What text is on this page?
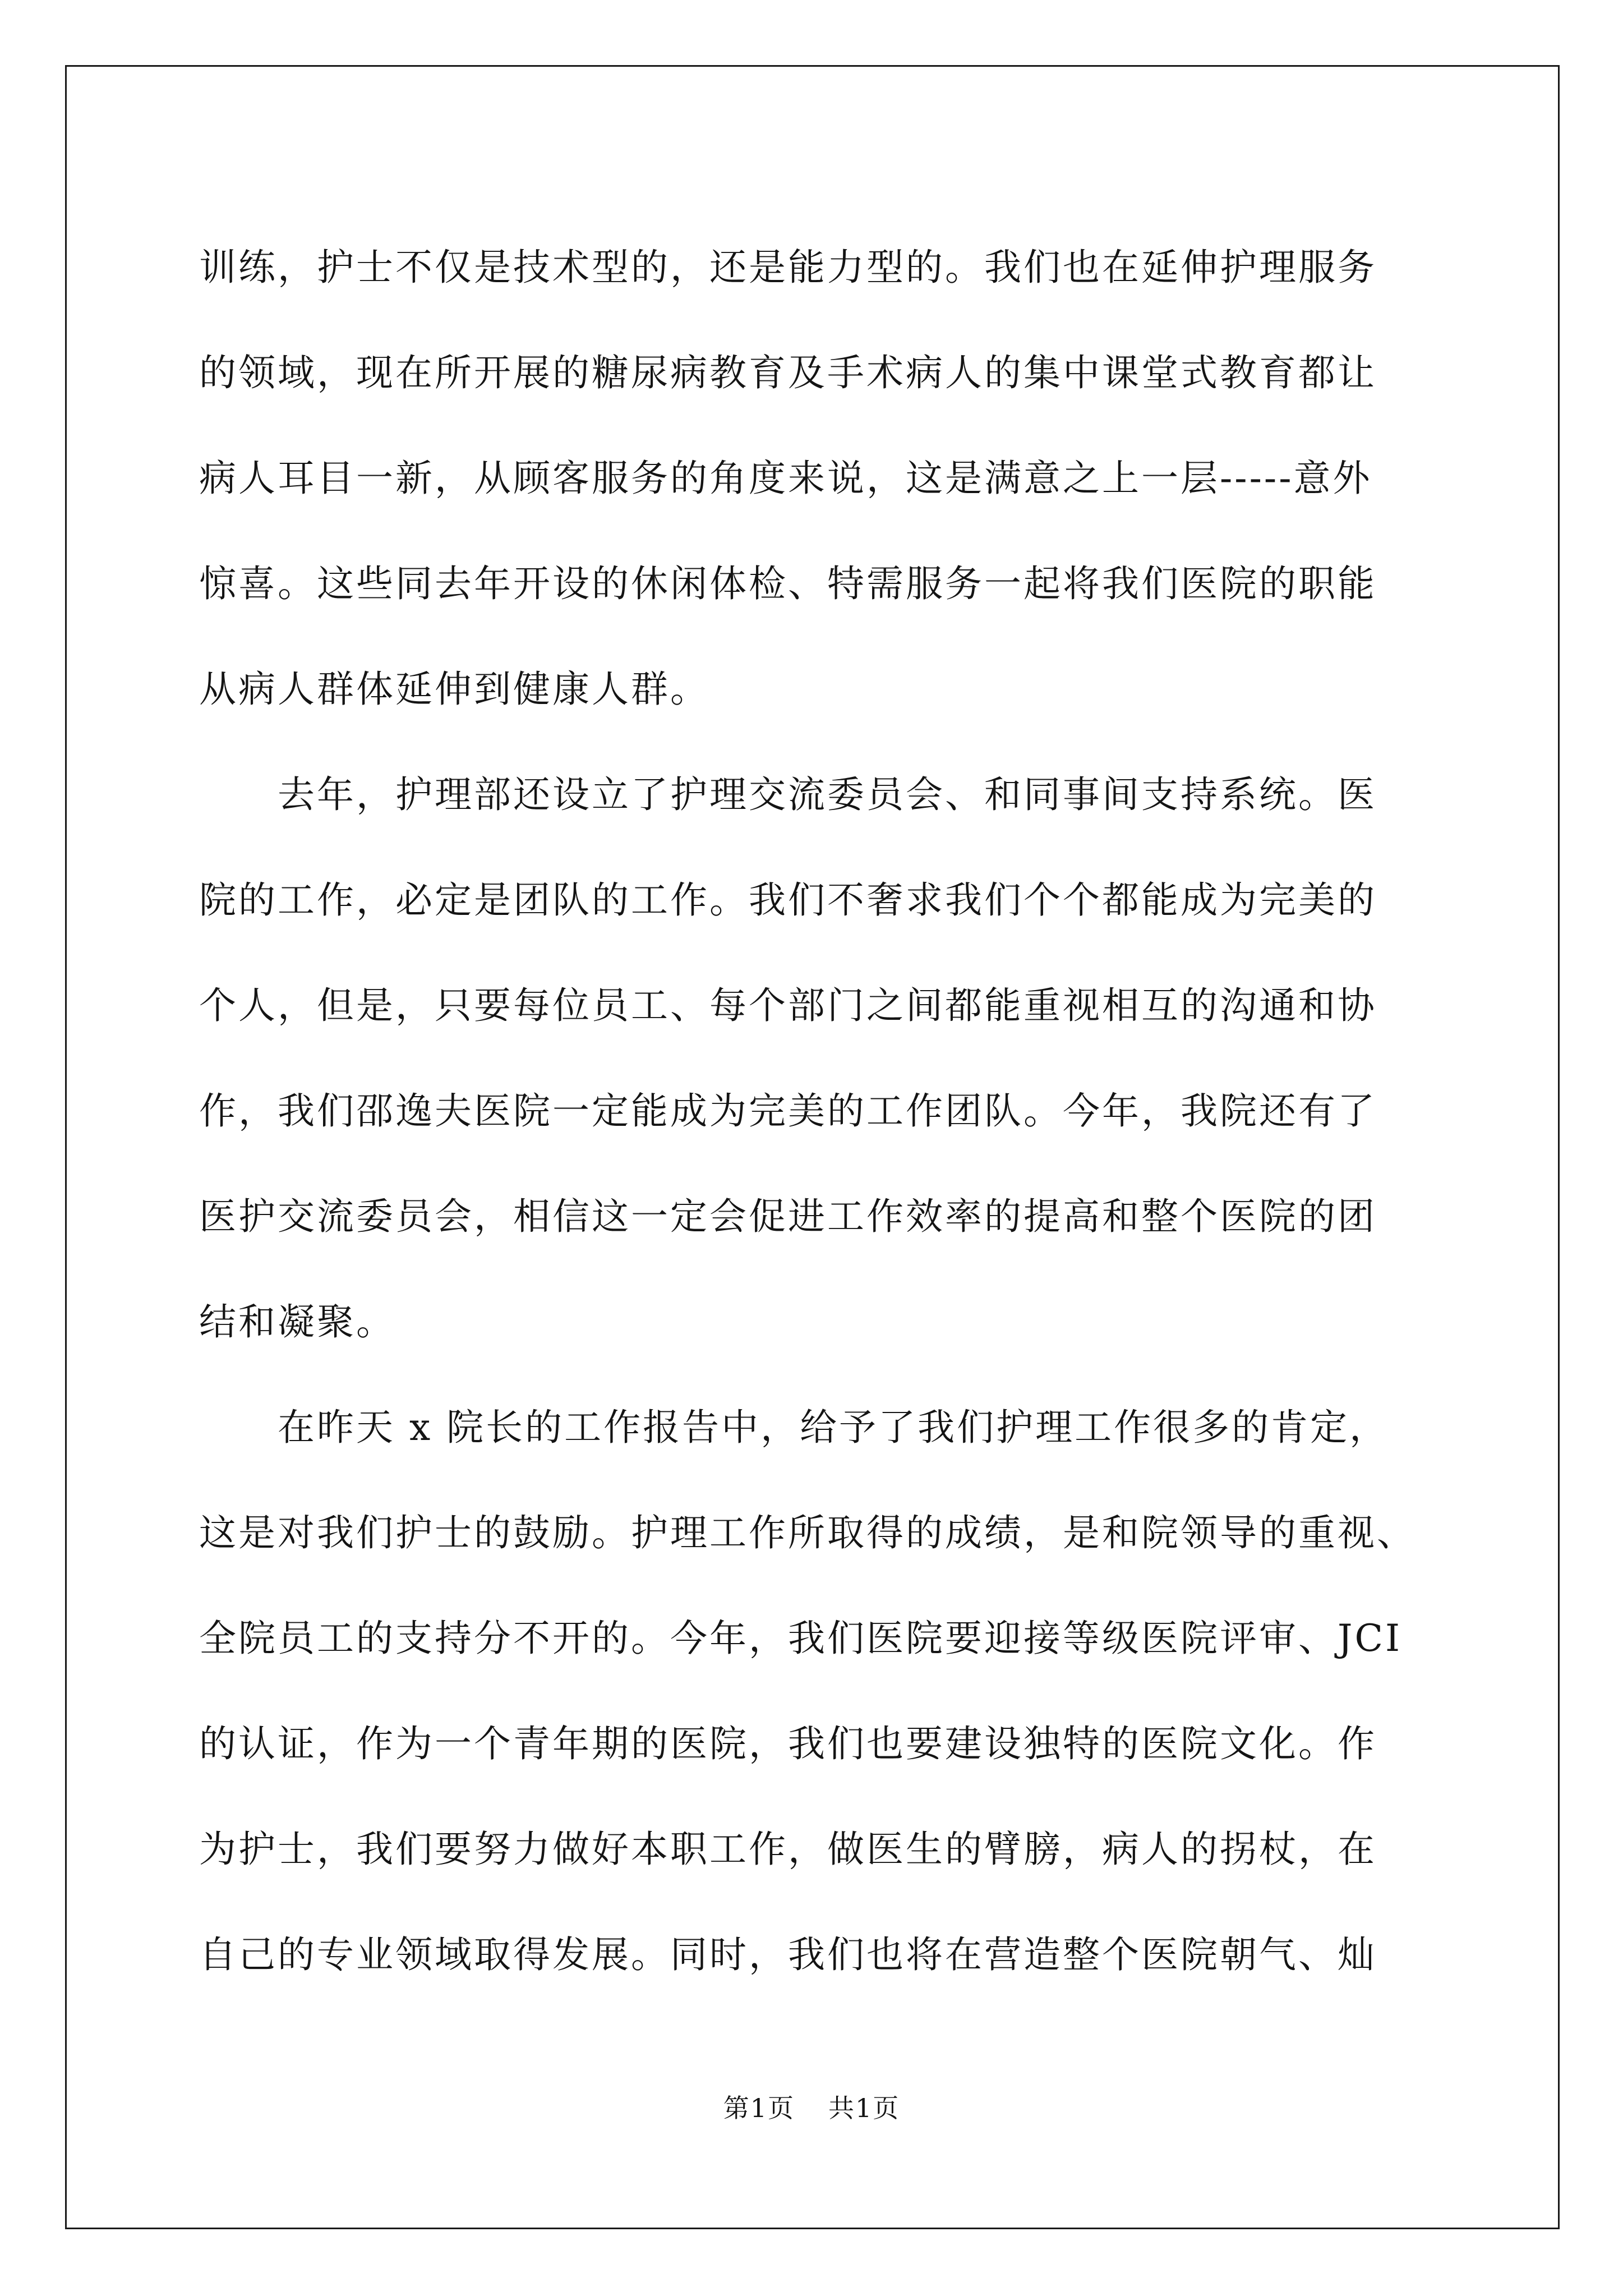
训练，护士不仅是技术型的，还是能力型的。我们也在延伸护理服务
的领域，现在所开展的糖尿病教育及手术病人的集中课堂式教育都让
病人耳目一新，从顾客服务的角度来说，这是满意之上一层-----意外
惊喜。这些同去年开设的休闲体检、特需服务一起将我们医院的职能
从病人群体延伸到健康人群。
去年，护理部还设立了护理交流委员会、和同事间支持系统。医
院的工作，必定是团队的工作。我们不奢求我们个个都能成为完美的
个人，但是，只要每位员工、每个部门之间都能重视相互的沟通和协
作，我们邵逸夫医院一定能成为完美的工作团队。今年，我院还有了
医护交流委员会，相信这一定会促进工作效率的提高和整个医院的团
结和凝聚。
在昨天 x 院长的工作报告中，给予了我们护理工作很多的肯定，
这是对我们护士的鼓励。护理工作所取得的成绩，是和院领导的重视、
全院员工的支持分不开的。今年，我们医院要迎接等级医院评审、JCI
的认证，作为一个青年期的医院，我们也要建设独特的医院文化。作
为护士，我们要努力做好本职工作，做医生的臂膀，病人的拐杖，在
自己的专业领域取得发展。同时，我们也将在营造整个医院朝气、灿
第1页 共1页
